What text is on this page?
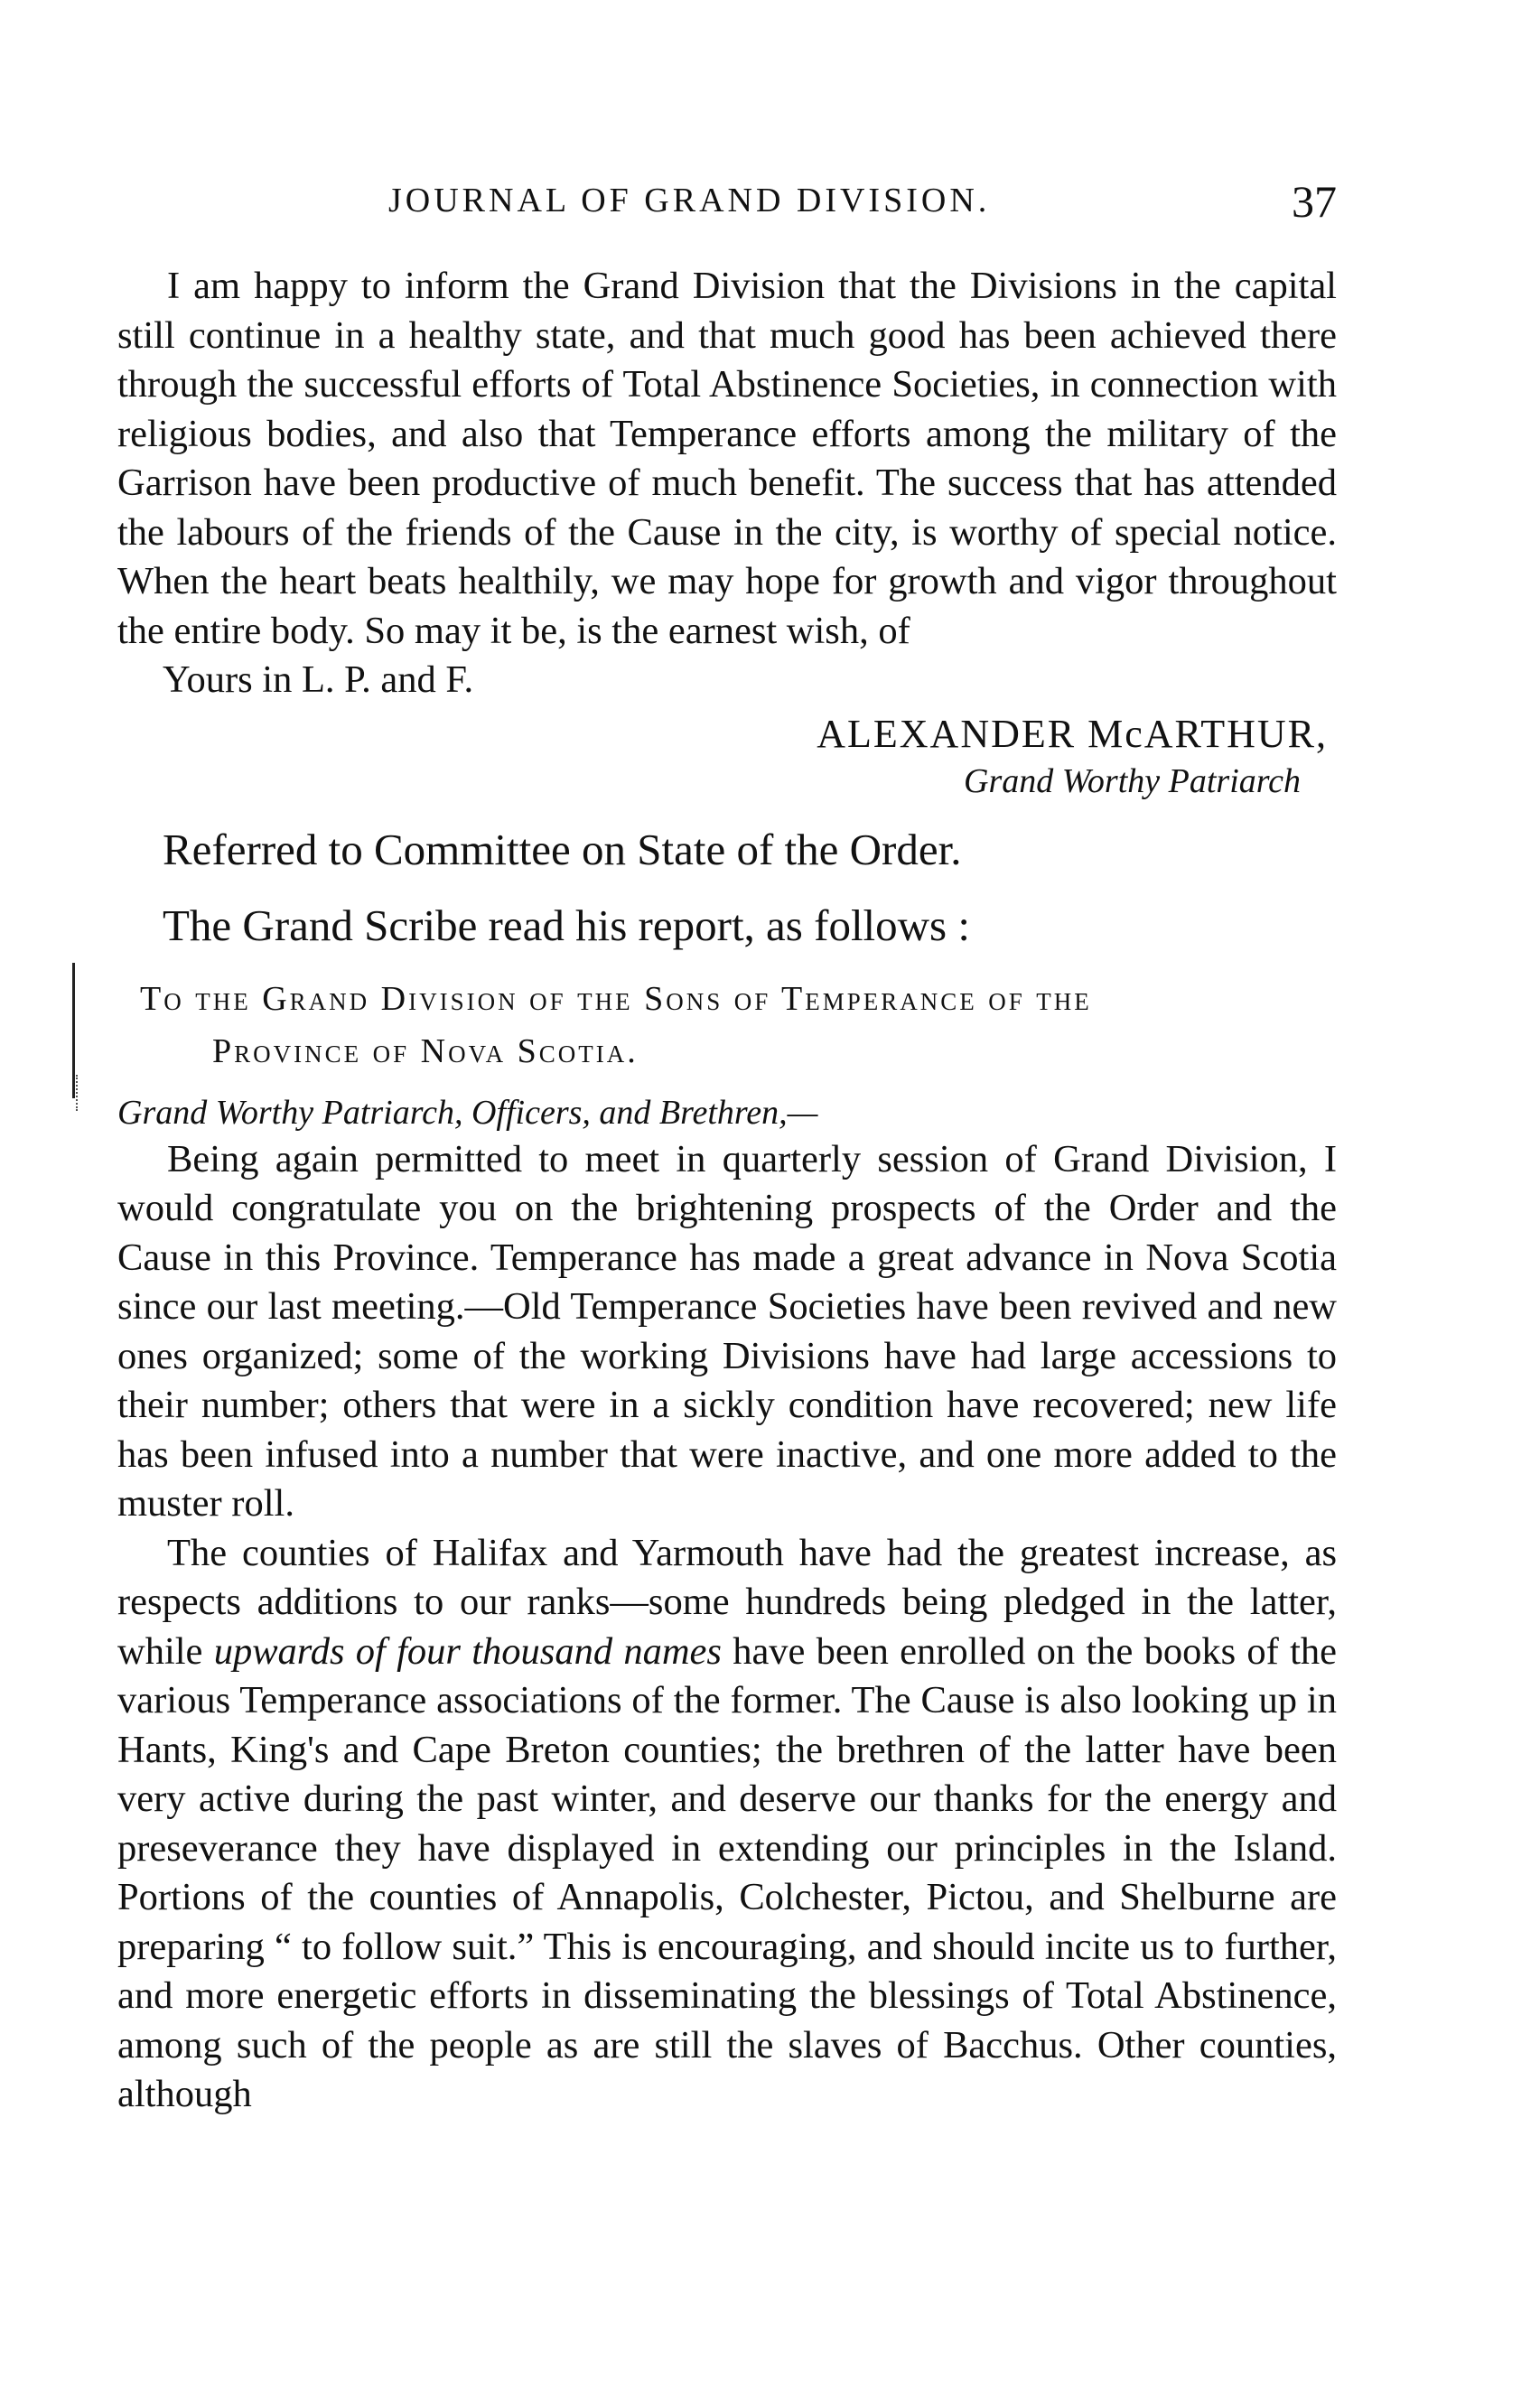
JOURNAL OF GRAND DIVISION.	37

I am happy to inform the Grand Division that the Divisions in the capital still continue in a healthy state, and that much good has been achieved there through the successful efforts of Total Abstinence Societies, in connection with religious bodies, and also that Temperance efforts among the military of the Garrison have been productive of much benefit. The success that has attended the labours of the friends of the Cause in the city, is worthy of special notice. When the heart beats healthily, we may hope for growth and vigor throughout the entire body. So may it be, is the earnest wish, of

Yours in L. P. and F.
ALEXANDER McARTHUR,
Grand Worthy Patriarch
Referred to Committee on State of the Order.
The Grand Scribe read his report, as follows :
To the Grand Division of the Sons of Temperance of the
Province of Nova Scotia.
Grand Worthy Patriarch, Officers, and Brethren,—

Being again permitted to meet in quarterly session of Grand Division, I would congratulate you on the brightening prospects of the Order and the Cause in this Province. Temperance has made a great advance in Nova Scotia since our last meeting.—Old Temperance Societies have been revived and new ones organized; some of the working Divisions have had large accessions to their number; others that were in a sickly condition have recovered; new life has been infused into a number that were inactive, and one more added to the muster roll.

The counties of Halifax and Yarmouth have had the greatest increase, as respects additions to our ranks—some hundreds being pledged in the latter, while upwards of four thousand names have been enrolled on the books of the various Temperance associations of the former. The Cause is also looking up in Hants, King's and Cape Breton counties; the brethren of the latter have been very active during the past winter, and deserve our thanks for the energy and preseverance they have displayed in extending our principles in the Island. Portions of the counties of Annapolis, Colchester, Pictou, and Shelburne are preparing “ to follow suit.” This is encouraging, and should incite us to further, and more energetic efforts in disseminating the blessings of Total Abstinence, among such of the people as are still the slaves of Bacchus. Other counties, although
